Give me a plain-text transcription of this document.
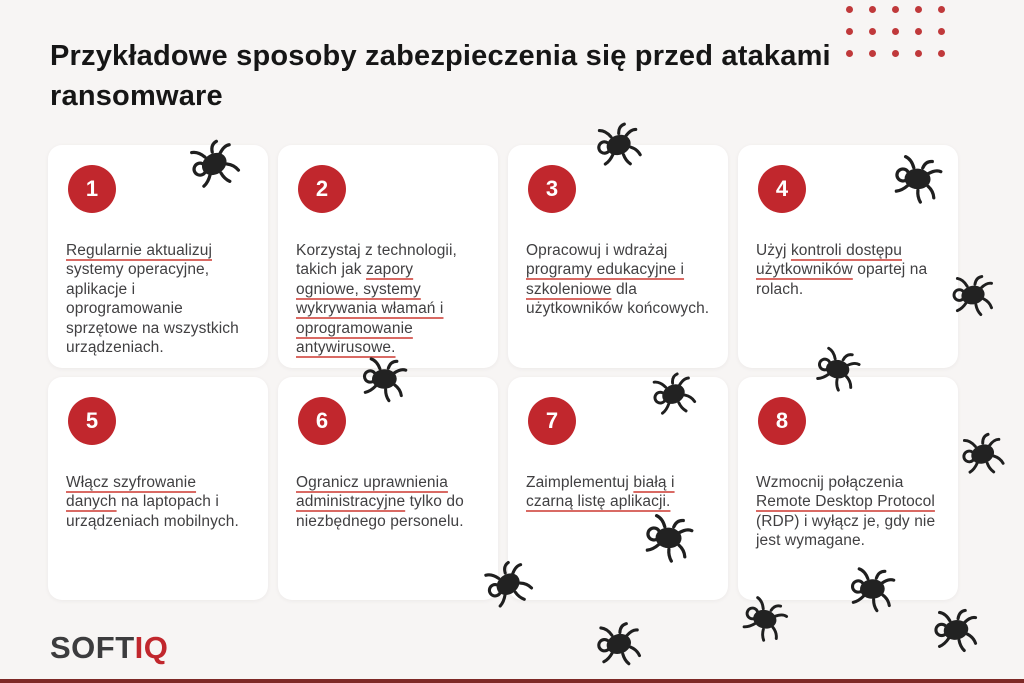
Przykładowe sposoby zabezpieczenia się przed atakami ransomware
1

Regularnie aktualizuj systemy operacyjne, aplikacje i oprogramowanie sprzętowe na wszystkich urządzeniach.

2

Korzystaj z technologii, takich jak zapory ogniowe, systemy wykrywania włamań i oprogramowanie antywirusowe.

3

Opracowuj i wdrażaj programy edukacyjne i szkoleniowe dla użytkowników końcowych.

4

Użyj kontroli dostępu użytkowników opartej na rolach.

5

Włącz szyfrowanie danych na laptopach i urządzeniach mobilnych.

6

Ogranicz uprawnienia administracyjne tylko do niezbędnego personelu.

7

Zaimplementuj białą i czarną listę aplikacji.

8

Wzmocnij połączenia Remote Desktop Protocol (RDP) i wyłącz je, gdy nie jest wymagane.

SOFTIQ
